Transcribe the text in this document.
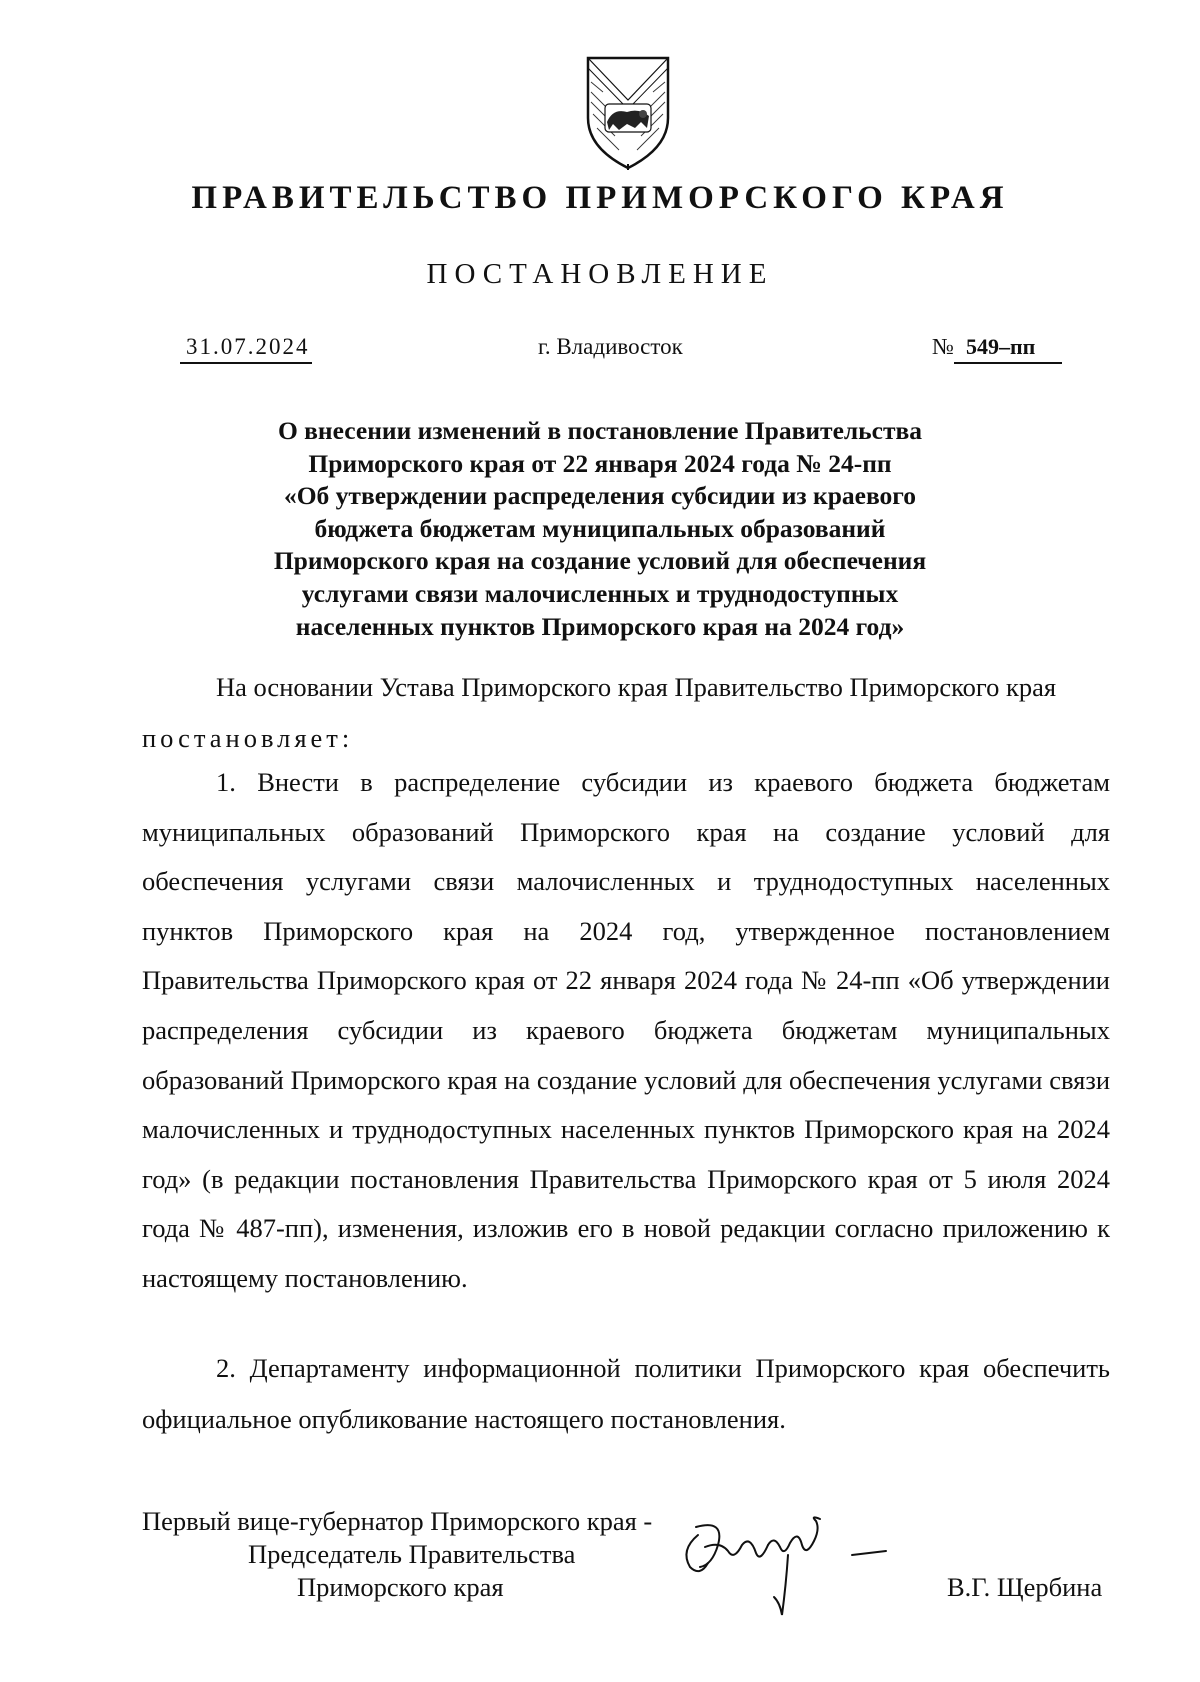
ПРАВИТЕЛЬСТВО ПРИМОРСКОГО КРАЯ
ПОСТАНОВЛЕНИЕ
31.07.2024	г. Владивосток	№ 549–пп
О внесении изменений в постановление Правительства
Приморского края от 22 января 2024 года № 24-пп
«Об утверждении распределения субсидии из краевого
бюджета бюджетам муниципальных образований
Приморского края на создание условий для обеспечения
услугами связи малочисленных и труднодоступных
населенных пунктов Приморского края на 2024 год»

На основании Устава Приморского края Правительство Приморского края

постановляет:

1. Внести в распределение субсидии из краевого бюджета бюджетам муниципальных образований Приморского края на создание условий для обеспечения услугами связи малочисленных и труднодоступных населенных пунктов Приморского края на 2024 год, утвержденное постановлением Правительства Приморского края от 22 января 2024 года № 24-пп «Об утверждении распределения субсидии из краевого бюджета бюджетам муниципальных образований Приморского края на создание условий для обеспечения услугами связи малочисленных и труднодоступных населенных пунктов Приморского края на 2024 год» (в редакции постановления Правительства Приморского края от 5 июля 2024 года № 487-пп), изменения, изложив его в новой редакции согласно приложению к настоящему постановлению.

2. Департаменту информационной политики Приморского края обеспечить официальное опубликование настоящего постановления.

Первый вице-губернатор Приморского края -
Председатель Правительства
Приморского края	В.Г. Щербина
